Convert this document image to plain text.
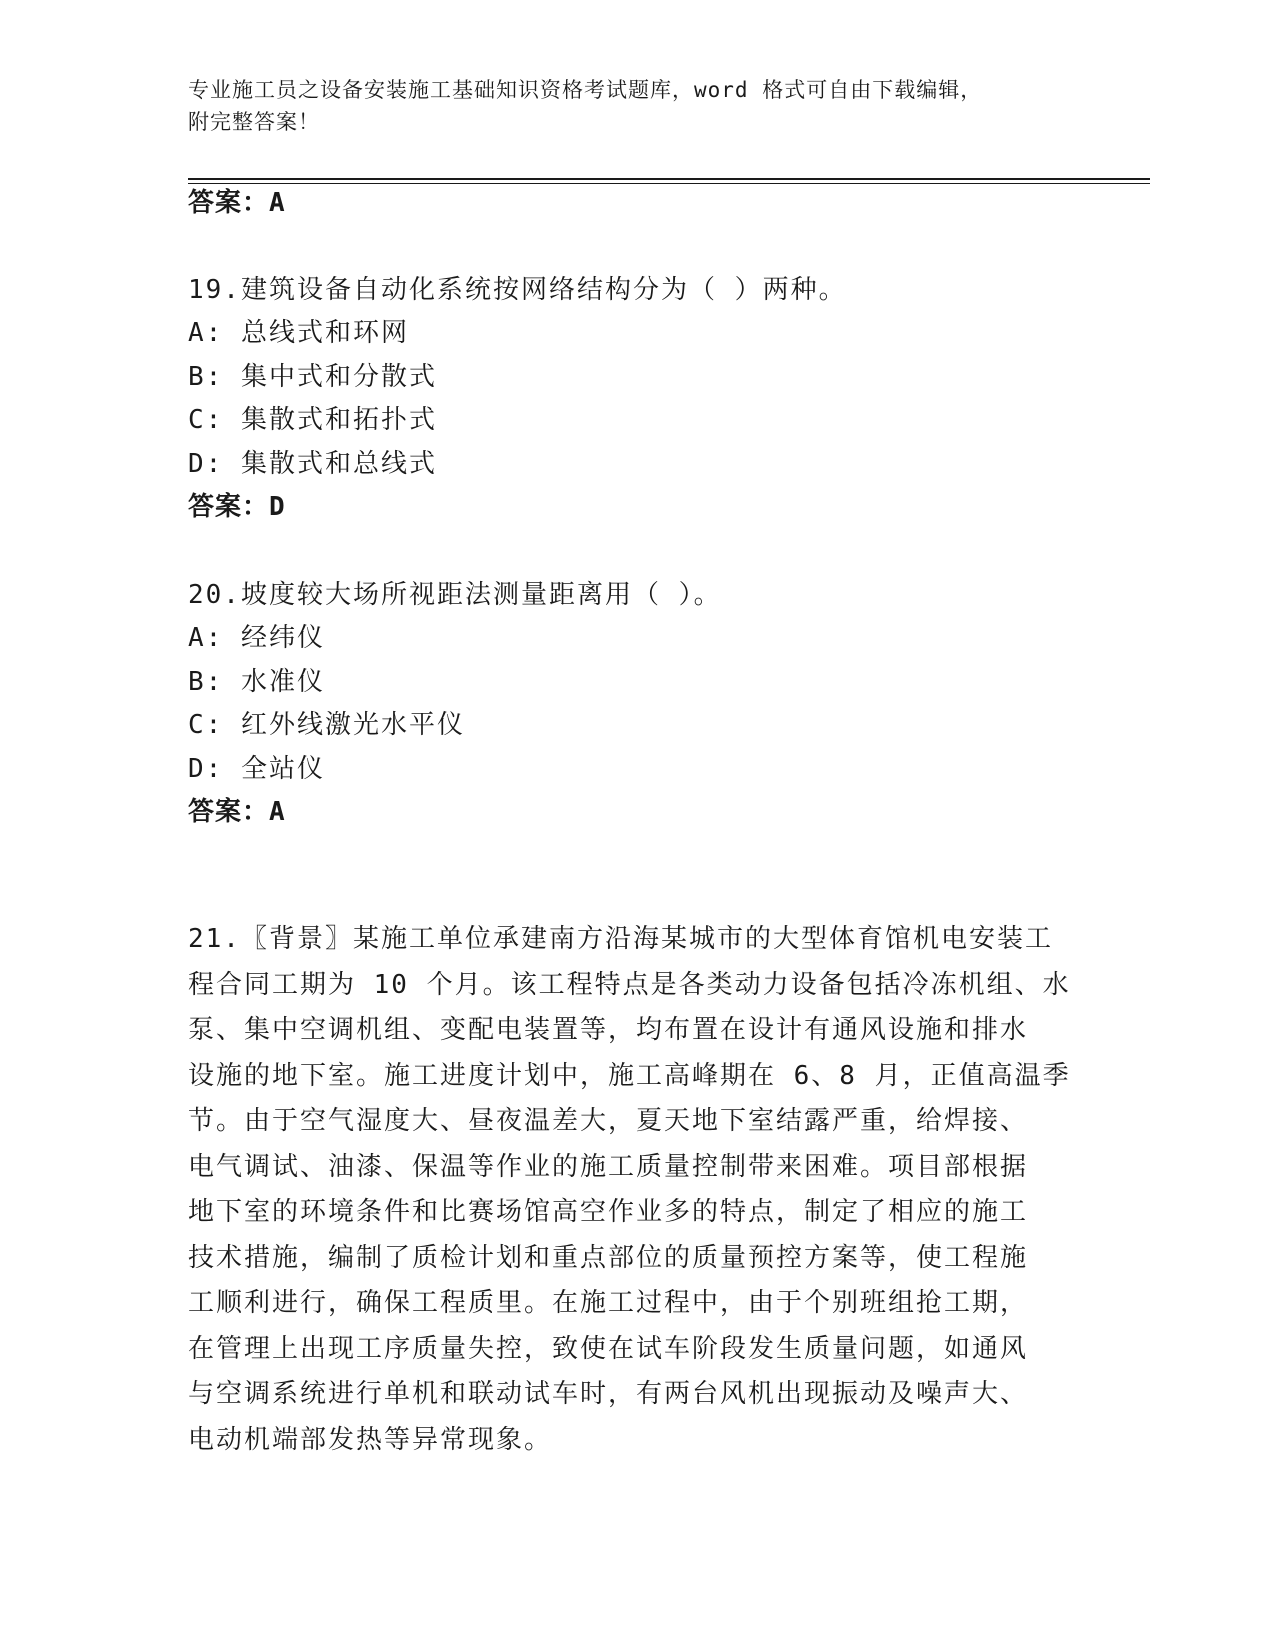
专业施工员之设备安装施工基础知识资格考试题库，word 格式可自由下载编辑，
附完整答案！
答案：A
19.建筑设备自动化系统按网络结构分为（ ）两种。
A: 总线式和环网
B: 集中式和分散式
C: 集散式和拓扑式
D: 集散式和总线式
答案：D
20.坡度较大场所视距法测量距离用（ ）。
A: 经纬仪
B: 水准仪
C: 红外线激光水平仪
D: 全站仪
答案：A
21.〖背景〗某施工单位承建南方沿海某城市的大型体育馆机电安装工
程合同工期为 10 个月。该工程特点是各类动力设备包括冷冻机组、水
泵、集中空调机组、变配电装置等，均布置在设计有通风设施和排水
设施的地下室。施工进度计划中，施工高峰期在 6、8 月，正值高温季
节。由于空气湿度大、昼夜温差大，夏天地下室结露严重，给焊接、
电气调试、油漆、保温等作业的施工质量控制带来困难。项目部根据
地下室的环境条件和比赛场馆高空作业多的特点，制定了相应的施工
技术措施，编制了质检计划和重点部位的质量预控方案等，使工程施
工顺利进行，确保工程质里。在施工过程中，由于个别班组抢工期，
在管理上出现工序质量失控，致使在试车阶段发生质量问题，如通风
与空调系统进行单机和联动试车时，有两台风机出现振动及噪声大、
电动机端部发热等异常现象。
